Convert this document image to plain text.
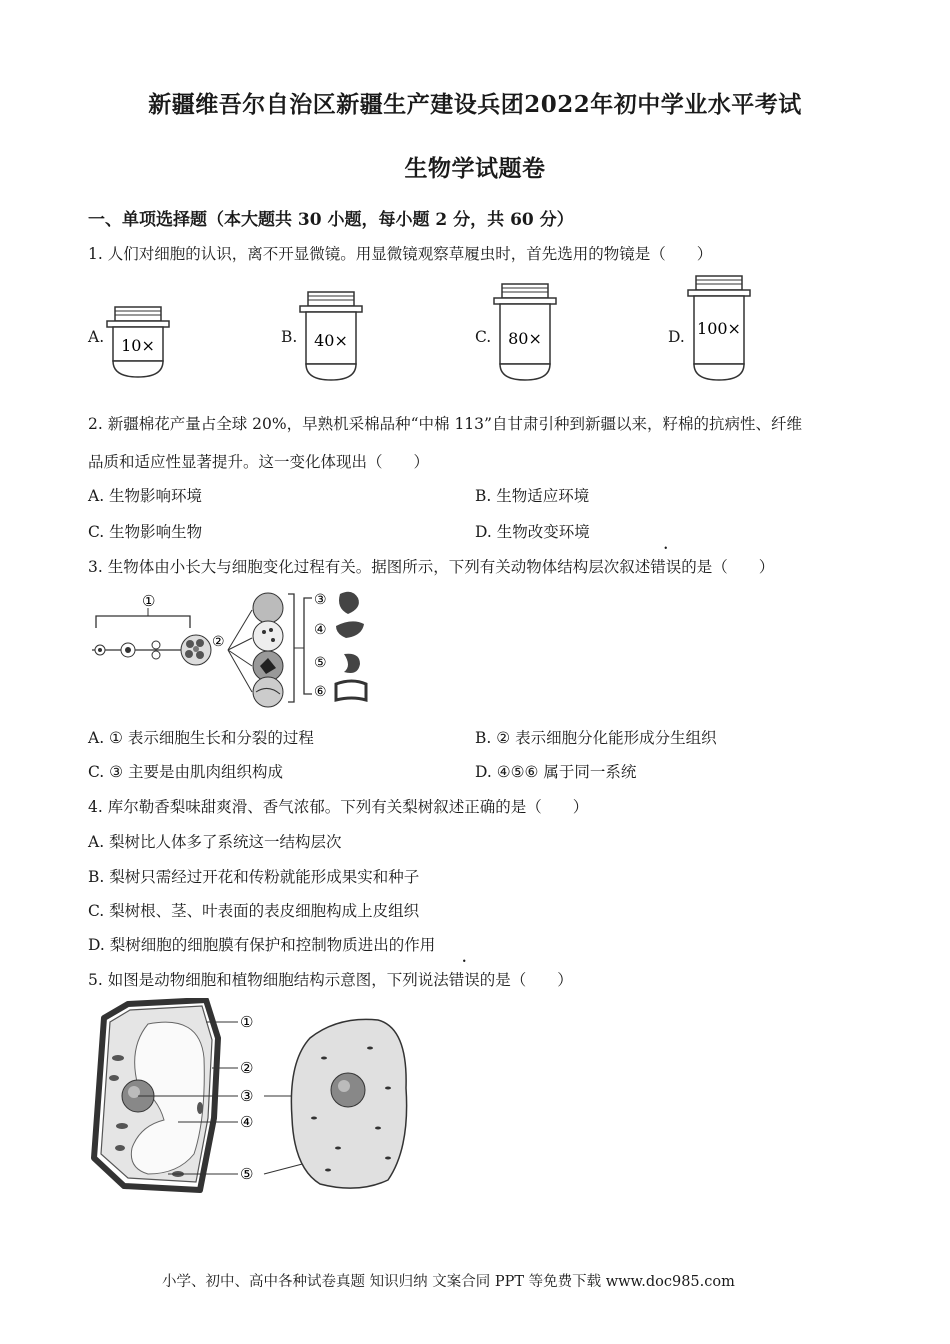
新疆维吾尔自治区新疆生产建设兵团2022年初中学业水平考试
生物学试题卷
一、单项选择题（本大题共 30 小题，每小题 2 分，共 60 分）
1. 人们对细胞的认识，离不开显微镜。用显微镜观察草履虫时，首先选用的物镜是（　　）
A. 10×	B. 40×	C. 80×	D. 100×
2. 新疆棉花产量占全球 20%，早熟机采棉品种“中棉 113”自甘肃引种到新疆以来，籽棉的抗病性、纤维
品质和适应性显著提升。这一变化体现出（　　）
A. 生物影响环境	B. 生物适应环境
C. 生物影响生物	D. 生物改变环境
3. 生物体由小长大与细胞变化过程有关。据图所示，下列有关动物体结构层次叙述错误的是（　　）
①
②
③
④
⑤
⑥
A. ① 表示细胞生长和分裂的过程	B. ② 表示细胞分化能形成分生组织
C. ③ 主要是由肌肉组织构成	D. ④⑤⑥ 属于同一系统
4. 库尔勒香梨味甜爽滑、香气浓郁。下列有关梨树叙述正确的是（　　）
A. 梨树比人体多了系统这一结构层次
B. 梨树只需经过开花和传粉就能形成果实和种子
C. 梨树根、茎、叶表面的表皮细胞构成上皮组织
D. 梨树细胞的细胞膜有保护和控制物质进出的作用
5. 如图是动物细胞和植物细胞结构示意图，下列说法错误的是（　　）
①
②
③
④
⑤
小学、初中、高中各种试卷真题 知识归纳 文案合同 PPT 等免费下载 www.doc985.com
